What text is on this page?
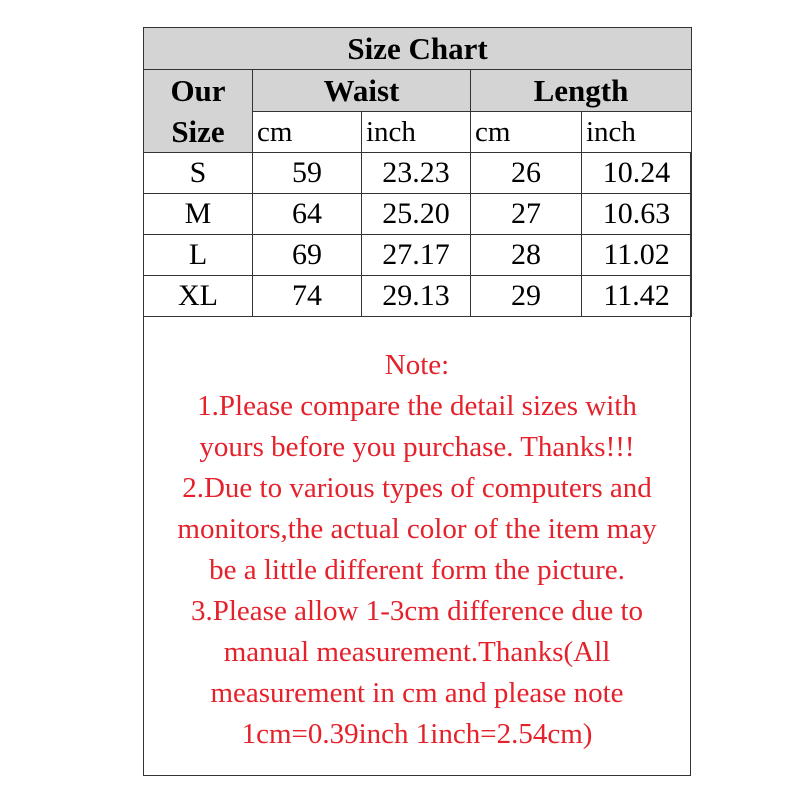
Size Chart				
Our
Size	Waist		Length	
	cm	inch	cm	inch
S	59	23.23	26	10.24
M	64	25.20	27	10.63
L	69	27.17	28	11.02
XL	74	29.13	29	11.42
Note:
1.Please compare the detail sizes with
yours before you purchase. Thanks!!!
2.Due to various types of computers and
monitors,the actual color of the item may
be a little different form the picture.
3.Please allow 1-3cm difference due to
manual measurement.Thanks(All
measurement in cm and please note
1cm=0.39inch 1inch=2.54cm)
